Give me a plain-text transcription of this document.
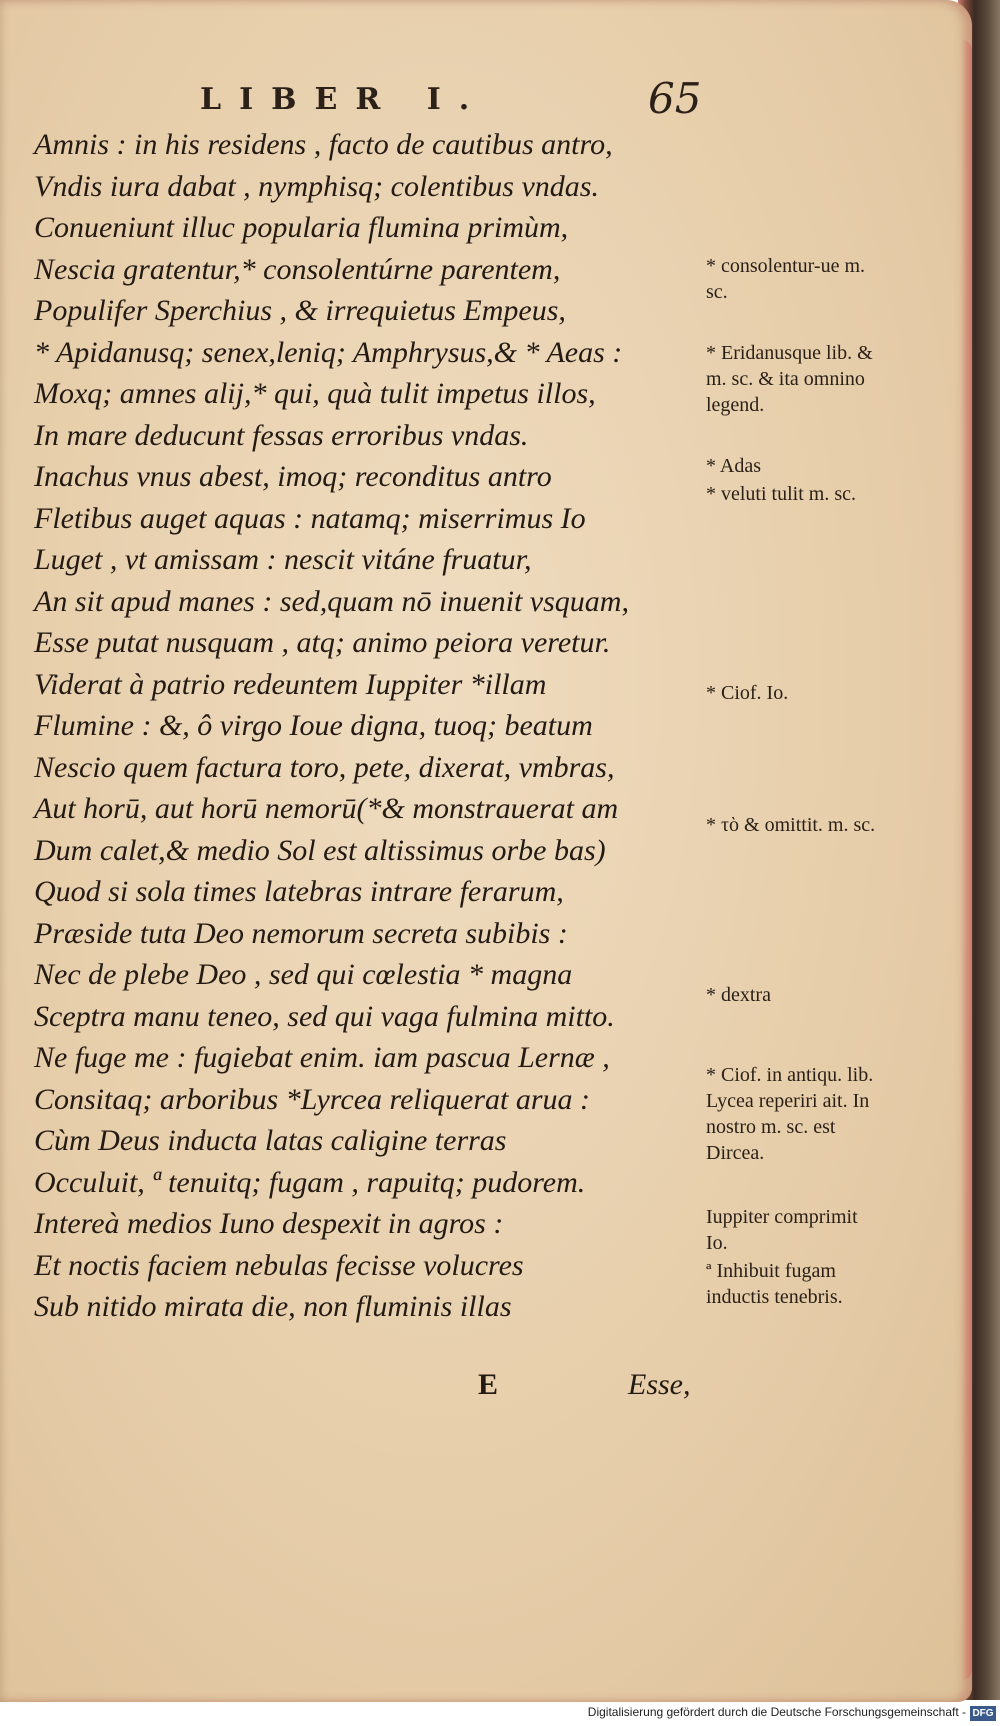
LIBER I.	65
Amnis : in his residens , facto de cautibus antro,
Vndis iura dabat , nymphisq; colentibus vndas.
Conueniunt illuc popularia flumina primùm,
Nescia gratentur,* consolentúrne parentem,
Populifer Sperchius , & irrequietus Empeus,
* Apidanusq; senex,leniq; Amphrysus,& * Aeas :
Moxq; amnes alij,* qui, quà tulit impetus illos,
In mare deducunt fessas erroribus vndas.
Inachus vnus abest, imoq; reconditus antro
Fletibus auget aquas : natamq; miserrimus Io
Luget , vt amissam : nescit vitáne fruatur,
An sit apud manes : sed,quam nō inuenit vsquam,
Esse putat nusquam , atq; animo peiora veretur.
Viderat à patrio redeuntem Iuppiter *illam
Flumine : &, ô virgo Ioue digna, tuoq; beatum
Nescio quem factura toro, pete, dixerat, vmbras,
Aut horū, aut horū nemorū(*& monstrauerat am
Dum calet,& medio Sol est altissimus orbe bas)
Quod si sola times latebras intrare ferarum,
Præside tuta Deo nemorum secreta subibis :
Nec de plebe Deo , sed qui cœlestia * magna
Sceptra manu teneo, sed qui vaga fulmina mitto.
Ne fuge me : fugiebat enim. iam pascua Lernæ ,
Consitaq; arboribus *Lyrcea reliquerat arua :
Cùm Deus inducta latas caligine terras
Occuluit, ª tenuitq; fugam , rapuitq; pudorem.
Intereà medios Iuno despexit in agros :
Et noctis faciem nebulas fecisse volucres
Sub nitido mirata die, non fluminis illas
* consolentur-ue m. sc.
* Eridanusque lib. & m. sc. & ita omnino legend.
* Adas
* veluti tulit m. sc.
* Ciof. Io.
* τὸ & omittit. m. sc.
* dextra
* Ciof. in antiqu. lib. Lycea reperiri ait. In nostro m. sc. est Dircea.
Iuppiter comprimit Io.
ª Inhibuit fugam inductis tenebris.
E	Esse,
Digitalisierung gefördert durch die Deutsche Forschungsgemeinschaft - DFG
